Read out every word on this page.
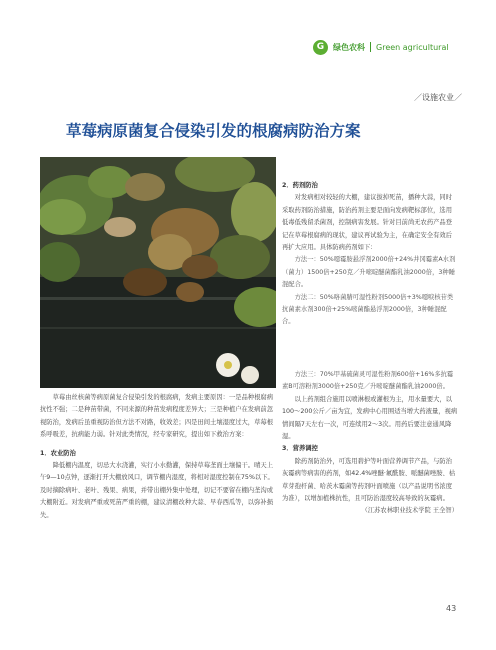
G	绿色农科 Green agricultural
／设施农业／
草莓病原菌复合侵染引发的根腐病防治方案

草莓由丝核菌等病原菌复合侵染引发的根腐病，发病主要原因：一是品种根腐病抗性不强；二是种苗带菌，不同来源的种苗发病程度差异大；三是种植户在发病前忽视防治，发病后虽重视防治但方法不对路，收效差；四是田间土壤湿度过大，草莓根系呼吸差，抗病能力弱。针对此类情况，经专家研究，提出如下救治方案：

1．农业防治

降低棚内温度，切忌大水浇灌，实行小水勤灌，保持草莓垄面土壤偏干。晴天上午9—10点钟，逐渐打开大棚放风口，调节棚内湿度，将相对湿度控制在75%以下。及时摘除病叶、老叶、残果、病果，并带出棚外集中处理，切记不要留在棚内垄沟或大棚附近。对发病严重或死苗严重的棚，建议清棚改种大蒜、早春西瓜等，以弥补损失。

2．药剂防治

对发病相对较轻的大棚，建议拔掉死苗，播种大蒜，同时采取药剂防治措施，防治药剂主要是面向发病靶标部位，选用低毒低残留杀菌剂，控制病害发展。针对目前尚无农药产品登记在草莓根腐病的现状，建议再试验为主，在确定安全有效后再扩大应用。具体防病药剂如下：

方法一：50%噁霉胺悬浮剂2000倍+24%井冈霉素A水剂（菌力）1500倍+250克／升嘧啶醚菌酯乳油2000倍，3种睡混配合。

方法二：50%咯菌腈可湿性粉剂5000倍+3%噁唳核苷类抗菌素水剂300倍+25%嘧菌酯悬浮剂2000倍，3种睡混配合。

方法三：70%甲基硫菌灵可湿性粉剂600倍+16%多抗霉素B可溶粉剂3000倍+250克／升嘧啶醚菌酯乳油2000倍。

以上药剂组合施用以喷淋根或灌根为主，用水量要大，以100～200公斤／亩为宜，发病中心用围适当增大药液量，视病情间隔7天左右一次，可连续用2～3次。用药后要注意通风降湿。

3．营养调控

除药剂防治外，可选用碧护等叶面营养调节产品，与防治灰霉病等病害的药剂，如42.4%唑醚·氟酰胺、哌醚菌唑胺、枯草芽孢杆菌、哈茨木霉菌等药剂叶面喷施（以产品说明书浓度为准），以增加植株抗性，且可防治湿度较高导致的灰霉病。

（江苏农林职业技术学院 王全智）

43
